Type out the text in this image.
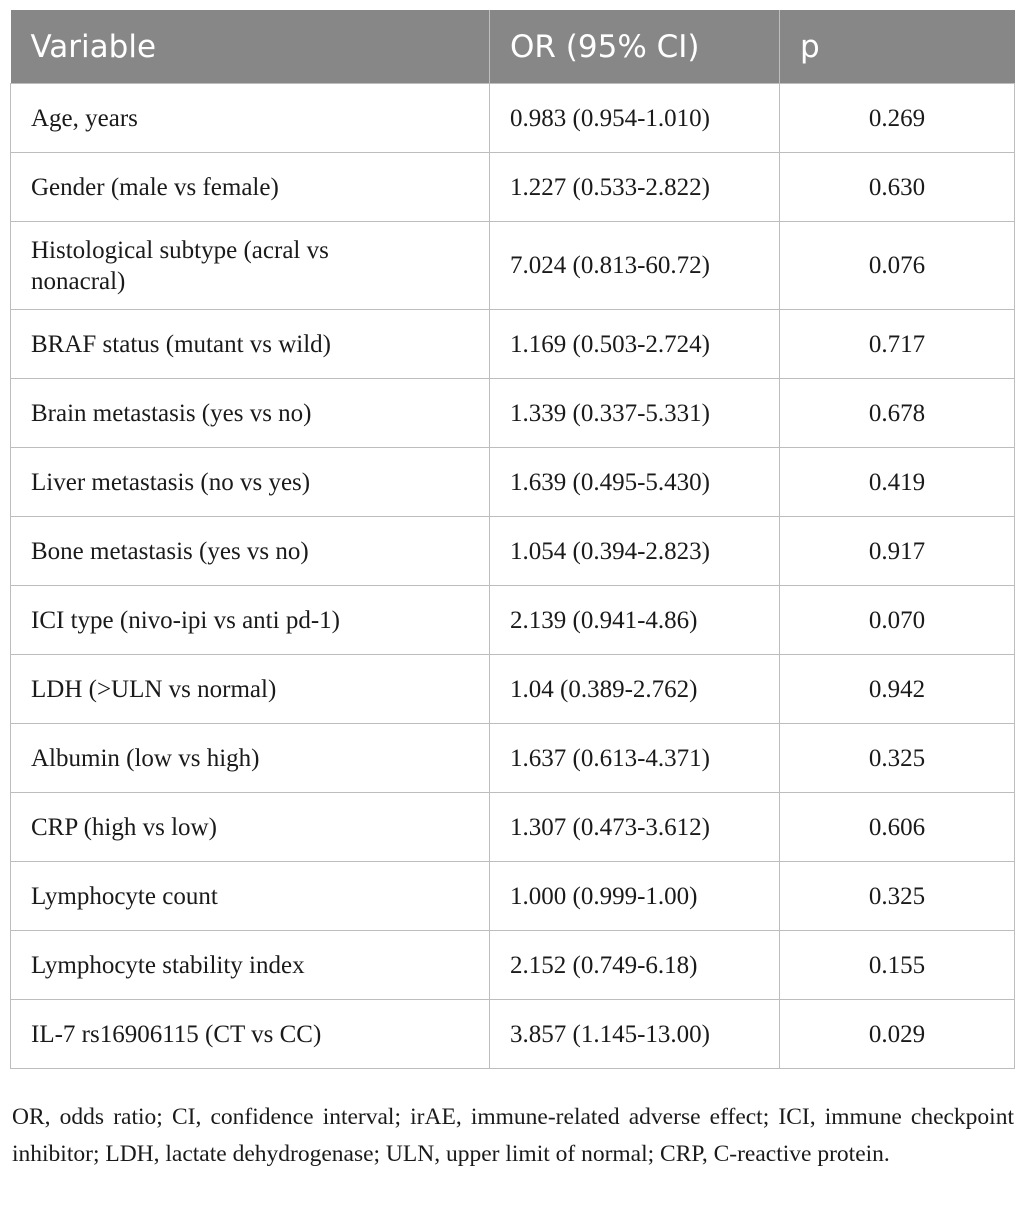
Variable	OR (95% CI)	p
Age, years	0.983 (0.954-1.010)	0.269
Gender (male vs female)	1.227 (0.533-2.822)	0.630
Histological subtype (acral vs nonacral)	7.024 (0.813-60.72)	0.076
BRAF status (mutant vs wild)	1.169 (0.503-2.724)	0.717
Brain metastasis (yes vs no)	1.339 (0.337-5.331)	0.678
Liver metastasis (no vs yes)	1.639 (0.495-5.430)	0.419
Bone metastasis (yes vs no)	1.054 (0.394-2.823)	0.917
ICI type (nivo-ipi vs anti pd-1)	2.139 (0.941-4.86)	0.070
LDH (>ULN vs normal)	1.04 (0.389-2.762)	0.942
Albumin (low vs high)	1.637 (0.613-4.371)	0.325
CRP (high vs low)	1.307 (0.473-3.612)	0.606
Lymphocyte count	1.000 (0.999-1.00)	0.325
Lymphocyte stability index	2.152 (0.749-6.18)	0.155
IL-7 rs16906115 (CT vs CC)	3.857 (1.145-13.00)	0.029

OR, odds ratio; CI, confidence interval; irAE, immune-related adverse effect; ICI, immune checkpoint inhibitor; LDH, lactate dehydrogenase; ULN, upper limit of normal; CRP, C-reactive protein.
